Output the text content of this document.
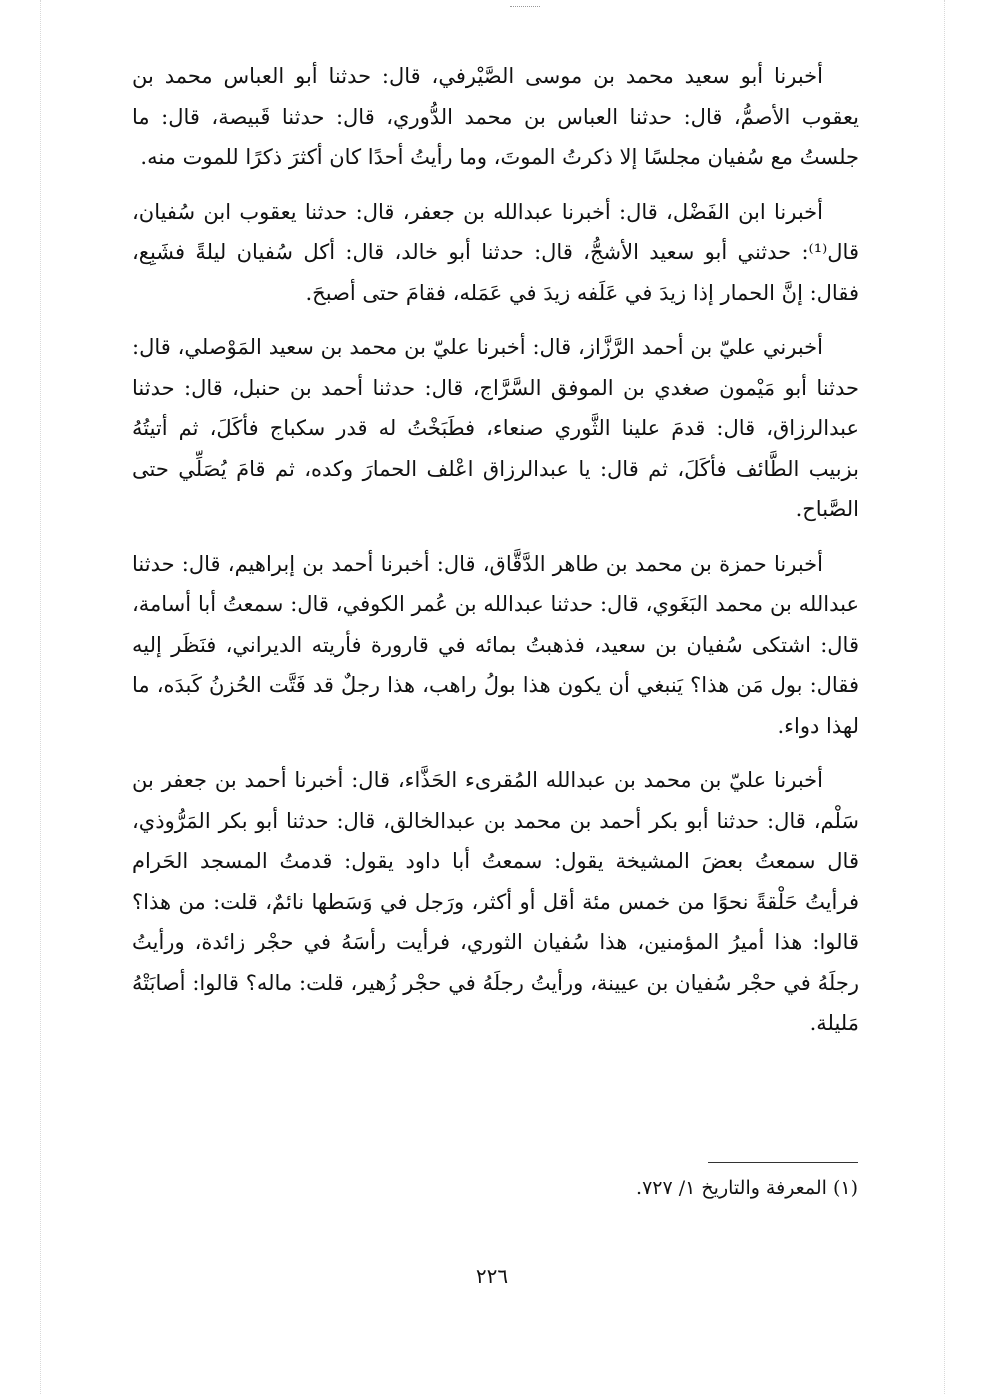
أخبرنا أبو سعيد محمد بن موسى الصَّيْرفي، قال: حدثنا أبو العباس محمد بن يعقوب الأصمُّ، قال: حدثنا العباس بن محمد الدُّوري، قال: حدثنا قَبيصة، قال: ما جلستُ مع سُفيان مجلسًا إلا ذكرتُ الموتَ، وما رأيتُ أحدًا كان أكثرَ ذكرًا للموت منه.

أخبرنا ابن الفَضْل، قال: أخبرنا عبدالله بن جعفر، قال: حدثنا يعقوب ابن سُفيان، قال⁽¹⁾: حدثني أبو سعيد الأشجُّ، قال: حدثنا أبو خالد، قال: أكل سُفيان ليلةً فشَبِع، فقال: إنَّ الحمار إذا زيدَ في عَلَفه زيدَ في عَمَله، فقامَ حتى أصبحَ.

أخبرني عليّ بن أحمد الرَّزَّاز، قال: أخبرنا عليّ بن محمد بن سعيد المَوْصلي، قال: حدثنا أبو مَيْمون صغدي بن الموفق السَّرَّاج، قال: حدثنا أحمد بن حنبل، قال: حدثنا عبدالرزاق، قال: قدمَ علينا الثَّوري صنعاء، فطَبَخْتُ له قدر سكباج فأكَلَ، ثم أتيتُهُ بزبيب الطَّائف فأكَلَ، ثم قال: يا عبدالرزاق اعْلف الحمارَ وكده، ثم قامَ يُصَلِّي حتى الصَّباح.

أخبرنا حمزة بن محمد بن طاهر الدَّقَّاق، قال: أخبرنا أحمد بن إبراهيم، قال: حدثنا عبدالله بن محمد البَغَوي، قال: حدثنا عبدالله بن عُمر الكوفي، قال: سمعتُ أبا أسامة، قال: اشتكى سُفيان بن سعيد، فذهبتُ بمائه في قارورة فأريته الديراني، فنَظَر إليه فقال: بول مَن هذا؟ يَنبغي أن يكون هذا بولُ راهب، هذا رجلٌ قد فَتَّت الحُزنُ كَبدَه، ما لهذا دواء.

أخبرنا عليّ بن محمد بن عبدالله المُقرىء الحَذَّاء، قال: أخبرنا أحمد بن جعفر بن سَلْم، قال: حدثنا أبو بكر أحمد بن محمد بن عبدالخالق، قال: حدثنا أبو بكر المَرُّوذي، قال سمعتُ بعضَ المشيخة يقول: سمعتُ أبا داود يقول: قدمتُ المسجد الحَرام فرأيتُ حَلْقةً نحوًا من خمس مئة أقل أو أكثر، ورَجل في وَسَطها نائمٌ، قلت: من هذا؟ قالوا: هذا أميرُ المؤمنين، هذا سُفيان الثوري، فرأيت رأسَهُ في حجْر زائدة، ورأيتُ رجلَهُ في حجْر سُفيان بن عيينة، ورأيتُ رجلَهُ في حجْر زُهير، قلت: ماله؟ قالوا: أصابَتْهُ مَليلة.

(١) المعرفة والتاريخ ١/ ٧٢٧.
٢٢٦
